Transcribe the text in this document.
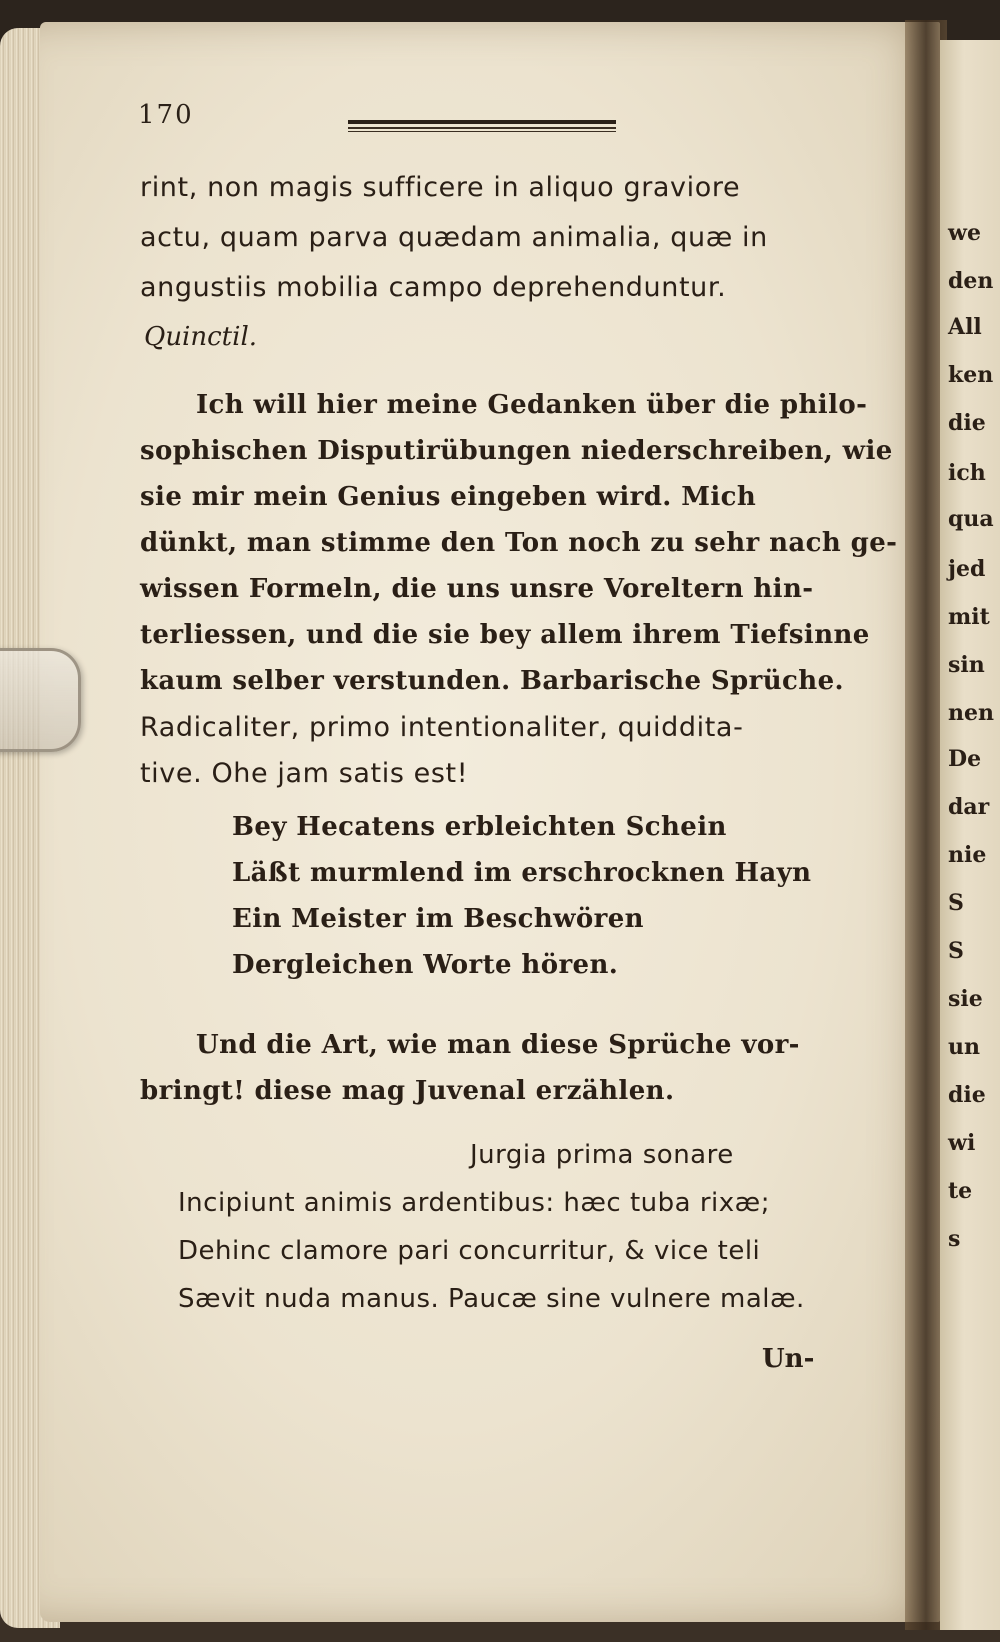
170
rint, non magis sufficere in aliquo graviore
actu, quam parva quædam animalia, quæ in
angustiis mobilia campo deprehenduntur.
Quinctil.
Ich will hier meine Gedanken über die philo-
sophischen Disputirübungen niederschreiben, wie
sie mir mein Genius eingeben wird. Mich
dünkt, man stimme den Ton noch zu sehr nach ge-
wissen Formeln, die uns unsre Voreltern hin-
terliessen, und die sie bey allem ihrem Tiefsinne
kaum selber verstunden. Barbarische Sprüche.
Radicaliter, primo intentionaliter, quiddita-
tive. Ohe jam satis est!
Bey Hecatens erbleichten Schein
Läßt murmlend im erschrocknen Hayn
Ein Meister im Beschwören
Dergleichen Worte hören.
Und die Art, wie man diese Sprüche vor-
bringt! diese mag Juvenal erzählen.
Jurgia prima sonare
Incipiunt animis ardentibus: hæc tuba rixæ;
Dehinc clamore pari concurritur, & vice teli
Sævit nuda manus. Paucæ sine vulnere malæ.
Un-
we
den
All
ken
die
ich
qua
jed
mit
sin
nen
De
dar
nie
S
S
sie
un
die
wi
te
s
